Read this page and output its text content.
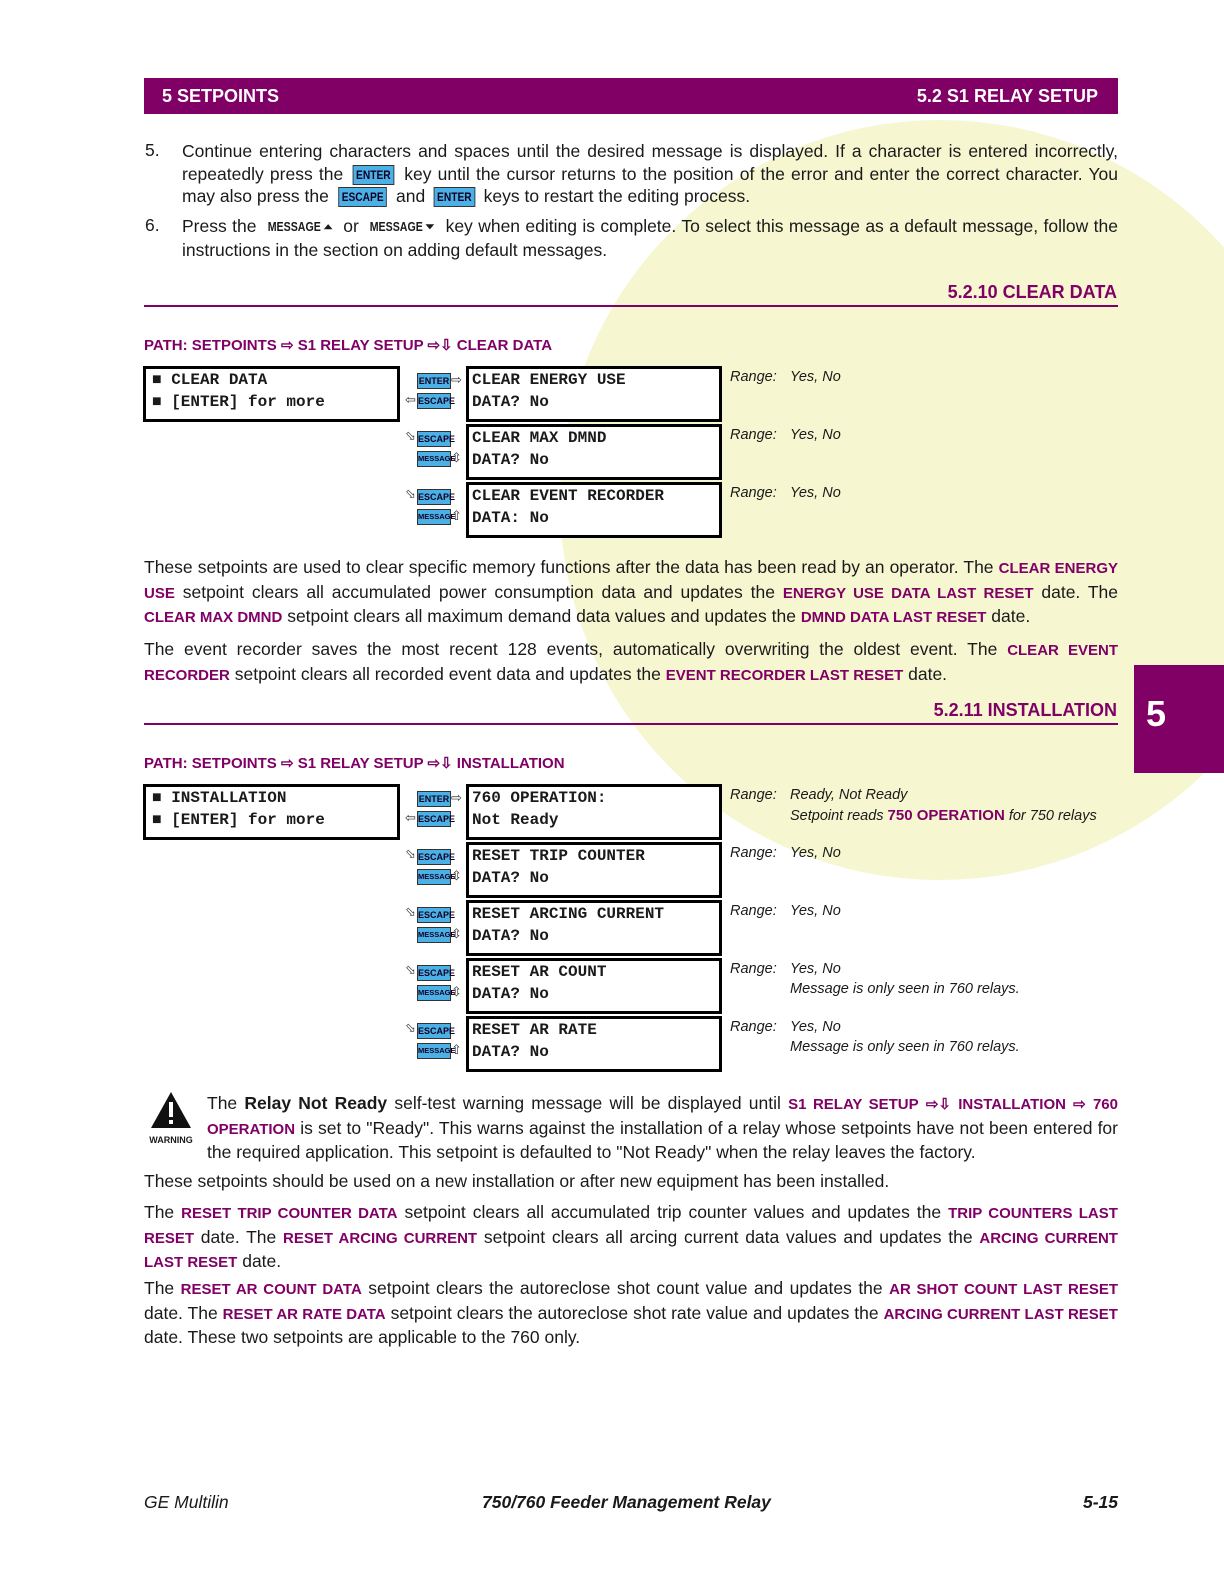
5 SETPOINTS	5.2 S1 RELAY SETUP
5
5. Continue entering characters and spaces until the desired message is displayed. If a character is entered incorrectly, repeatedly press the ENTER key until the cursor returns to the position of the error and enter the correct character. You may also press the ESCAPE and ENTER keys to restart the editing process.
6. Press the MESSAGE ⏶ or MESSAGE ⏷ key when editing is complete. To select this message as a default message, follow the instructions in the section on adding default messages.
5.2.10 CLEAR DATA
PATH: SETPOINTS ⇨ S1 RELAY SETUP ⇨⇩ CLEAR DATA
■ CLEAR DATA
■ [ENTER] for more
ENTER ⇨
⇦ ESCAPE
CLEAR ENERGY USE
DATA? No
Range: Yes, No
⬂ ESCAPE
MESSAGE
⇳
CLEAR MAX DMND
DATA? No
Range: Yes, No
⬂ ESCAPE
MESSAGE
⇧
CLEAR EVENT RECORDER
DATA: No
Range: Yes, No
These setpoints are used to clear specific memory functions after the data has been read by an operator. The CLEAR ENERGY USE setpoint clears all accumulated power consumption data and updates the ENERGY USE DATA LAST RESET date. The CLEAR MAX DMND setpoint clears all maximum demand data values and updates the DMND DATA LAST RESET date.
The event recorder saves the most recent 128 events, automatically overwriting the oldest event. The CLEAR EVENT RECORDER setpoint clears all recorded event data and updates the EVENT RECORDER LAST RESET date.
5.2.11 INSTALLATION
PATH: SETPOINTS ⇨ S1 RELAY SETUP ⇨⇩ INSTALLATION
■ INSTALLATION
■ [ENTER] for more
ENTER ⇨
⇦ ESCAPE
760 OPERATION:
Not Ready
Range: Ready, Not Ready
Setpoint reads 750 OPERATION for 750 relays
⬂ ESCAPE
MESSAGE
⇳
RESET TRIP COUNTER
DATA? No
Range: Yes, No
⬂ ESCAPE
MESSAGE
⇳
RESET ARCING CURRENT
DATA? No
Range: Yes, No
⬂ ESCAPE
MESSAGE
⇳
RESET AR COUNT
DATA? No
Range: Yes, No
Message is only seen in 760 relays.
⬂ ESCAPE
MESSAGE
⇧
RESET AR RATE
DATA? No
Range: Yes, No
Message is only seen in 760 relays.
WARNING
The Relay Not Ready self-test warning message will be displayed until S1 RELAY SETUP ⇨⇩ INSTALLATION ⇨ 760 OPERATION is set to "Ready". This warns against the installation of a relay whose setpoints have not been entered for the required application. This setpoint is defaulted to "Not Ready" when the relay leaves the factory.
These setpoints should be used on a new installation or after new equipment has been installed.
The RESET TRIP COUNTER DATA setpoint clears all accumulated trip counter values and updates the TRIP COUNTERS LAST RESET date. The RESET ARCING CURRENT setpoint clears all arcing current data values and updates the ARCING CURRENT LAST RESET date.
The RESET AR COUNT DATA setpoint clears the autoreclose shot count value and updates the AR SHOT COUNT LAST RESET date. The RESET AR RATE DATA setpoint clears the autoreclose shot rate value and updates the ARCING CURRENT LAST RESET date. These two setpoints are applicable to the 760 only.
GE Multilin	750/760 Feeder Management Relay	5-15
